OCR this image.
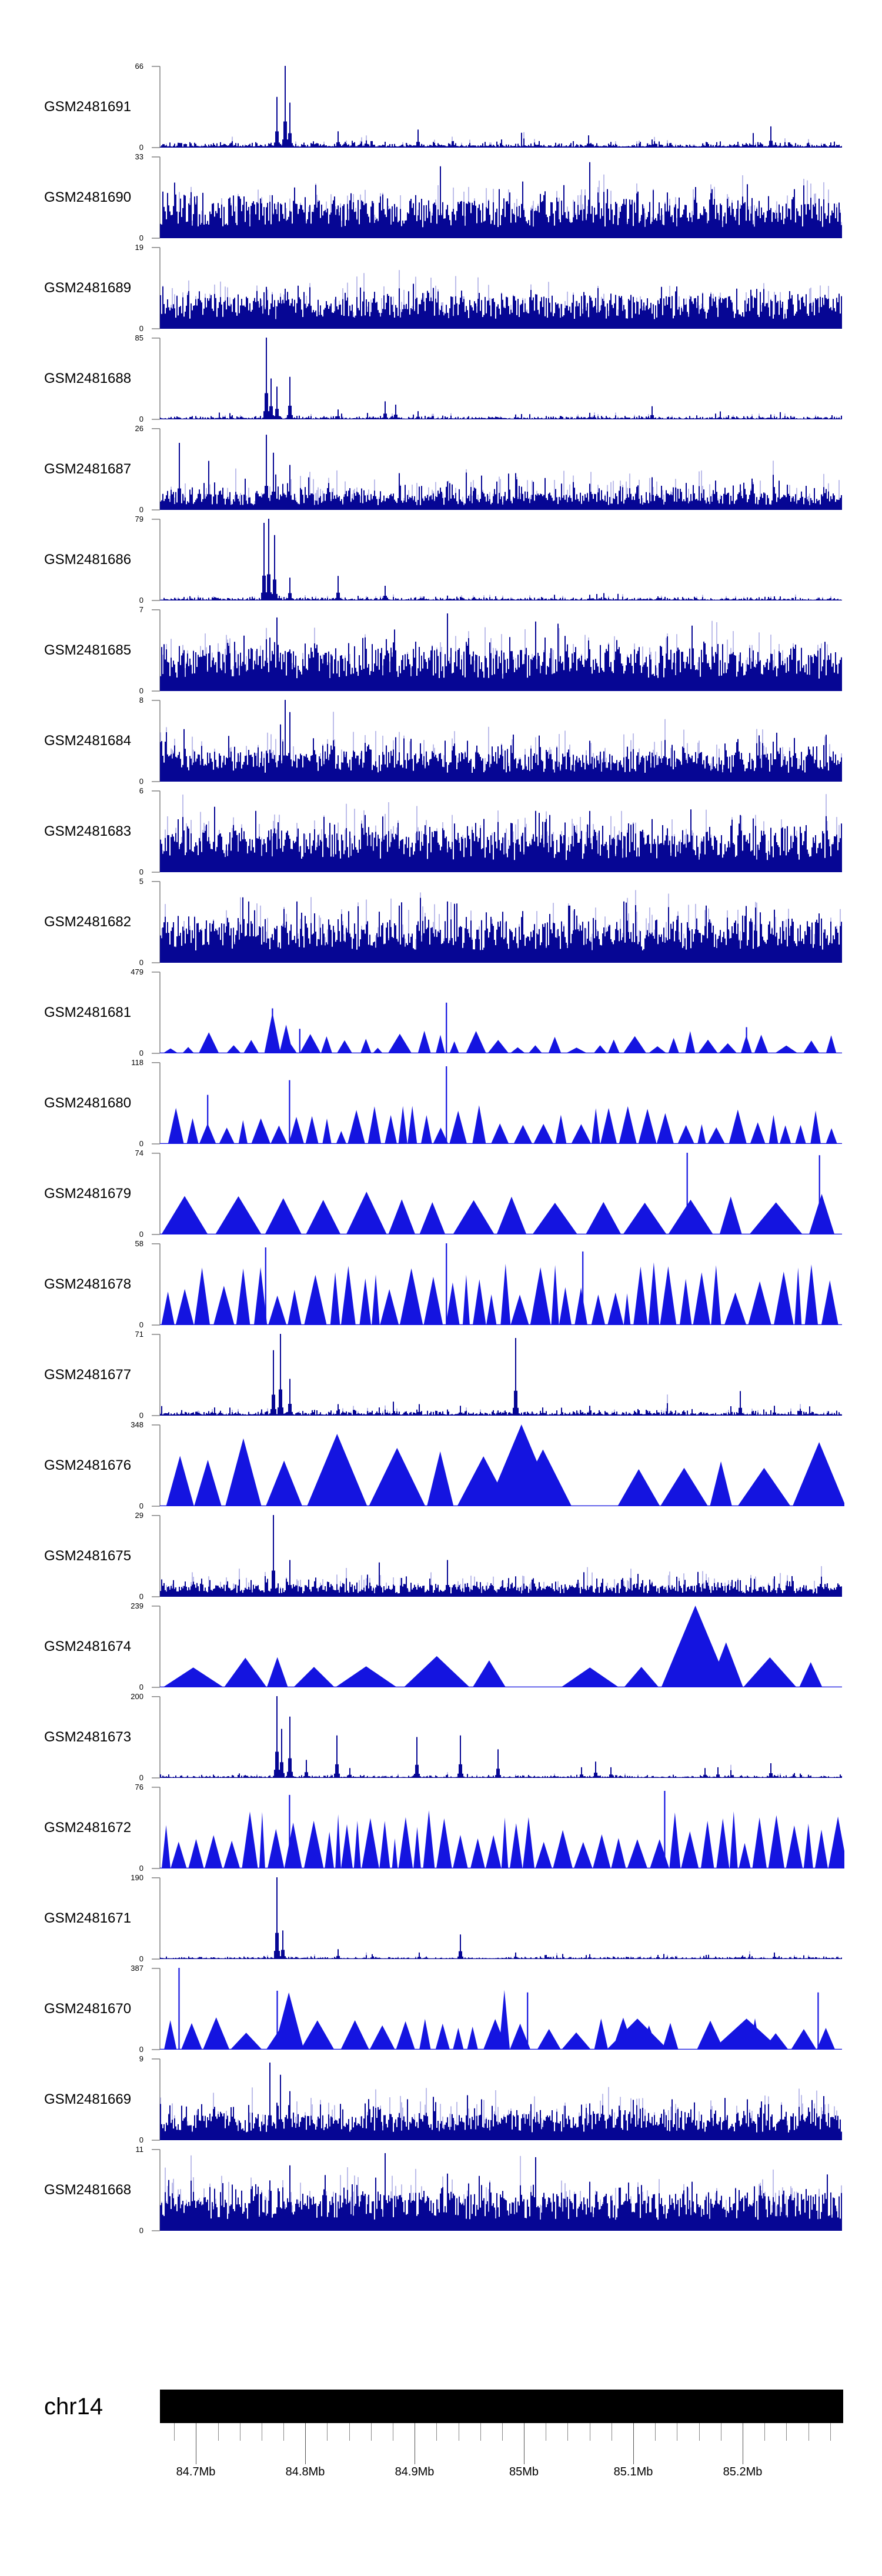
GSM2481691
66
0
GSM2481690
33
0
GSM2481689
19
0
GSM2481688
85
0
GSM2481687
26
0
GSM2481686
79
0
GSM2481685
7
0
GSM2481684
8
0
GSM2481683
6
0
GSM2481682
5
0
GSM2481681
479
0
GSM2481680
118
0
GSM2481679
74
0
GSM2481678
58
0
GSM2481677
71
0
GSM2481676
348
0
GSM2481675
29
0
GSM2481674
239
0
GSM2481673
200
0
GSM2481672
76
0
GSM2481671
190
0
GSM2481670
387
0
GSM2481669
9
0
GSM2481668
11
0
chr14
84.7Mb	84.8Mb	84.9Mb	85Mb	85.1Mb	85.2Mb
